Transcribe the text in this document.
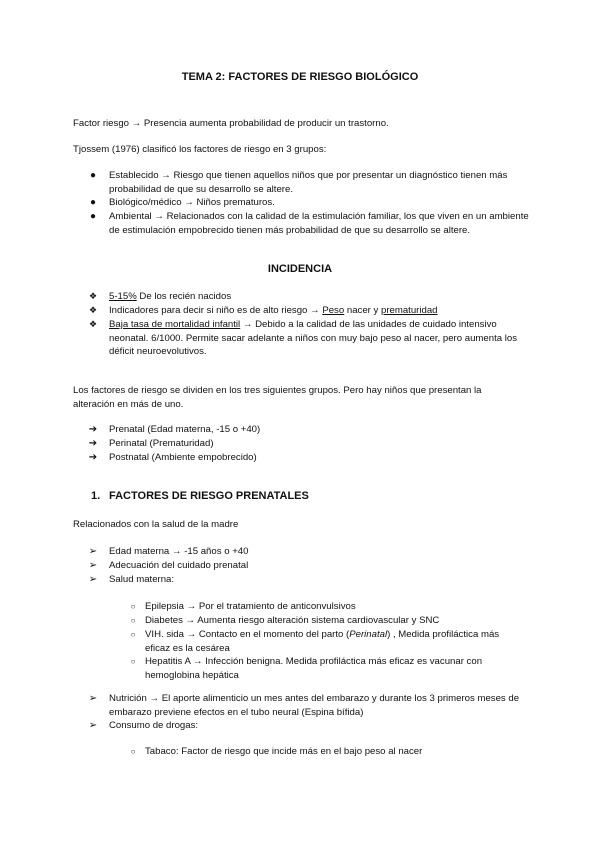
TEMA 2: FACTORES DE RIESGO BIOLÓGICO
Factor riesgo → Presencia aumenta probabilidad de producir un trastorno.
Tjossem (1976) clasificó los factores de riesgo en 3 grupos:
●	Establecido → Riesgo que tienen aquellos niños que por presentar un diagnóstico tienen más probabilidad de que su desarrollo se altere.
●	Biológico/médico → Niños prematuros.
●	Ambiental → Relacionados con la calidad de la estimulación familiar, los que viven en un ambiente de estimulación empobrecido tienen más probabilidad de que su desarrollo se altere.
INCIDENCIA
❖	5-15% De los recién nacidos
❖	Indicadores para decir si niño es de alto riesgo → Peso nacer y prematuridad
❖	Baja tasa de mortalidad infantil → Debido a la calidad de las unidades de cuidado intensivo neonatal. 6/1000. Permite sacar adelante a niños con muy bajo peso al nacer, pero aumenta los déficit neuroevolutivos.
Los factores de riesgo se dividen en los tres siguientes grupos. Pero hay niños que presentan la alteración en más de uno.
➔ Prenatal (Edad materna, -15 o +40)
➔ Perinatal (Prematuridad)
➔ Postnatal (Ambiente empobrecido)
1. FACTORES DE RIESGO PRENATALES
Relacionados con la salud de la madre
➢ Edad materna → -15 años o +40
➢ Adecuación del cuidado prenatal
➢ Salud materna:
○ Epilepsia → Por el tratamiento de anticonvulsivos
○ Diabetes → Aumenta riesgo alteración sistema cardiovascular y SNC
○ VIH. sida → Contacto en el momento del parto (Perinatal) , Medida profiláctica más eficaz es la cesárea
○ Hepatitis A → Infección benigna. Medida profiláctica más eficaz es vacunar con hemoglobina hepática
➢ Nutrición → El aporte alimenticio un mes antes del embarazo y durante los 3 primeros meses de embarazo previene efectos en el tubo neural (Espina bífida)
➢ Consumo de drogas:
○ Tabaco: Factor de riesgo que incide más en el bajo peso al nacer
